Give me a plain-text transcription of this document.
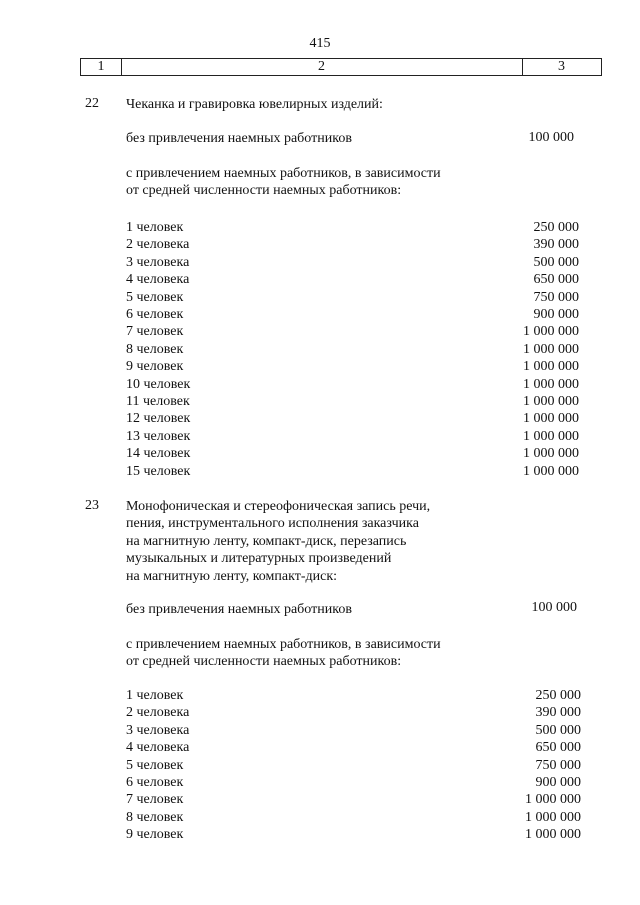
415
1	2	3
22 Чеканка и гравировка ювелирных изделий:
без привлечения наемных работников	100 000
с привлечением наемных работников, в зависимости
от средней численности наемных работников:
1 человек	250 000
2 человека	390 000
3 человека	500 000
4 человека	650 000
5 человек	750 000
6 человек	900 000
7 человек	1 000 000
8 человек	1 000 000
9 человек	1 000 000
10 человек	1 000 000
11 человек	1 000 000
12 человек	1 000 000
13 человек	1 000 000
14 человек	1 000 000
15 человек	1 000 000
23 Монофоническая и стереофоническая запись речи,
пения, инструментального исполнения заказчика
на магнитную ленту, компакт-диск, перезапись
музыкальных и литературных произведений
на магнитную ленту, компакт-диск:
без привлечения наемных работников	100 000
с привлечением наемных работников, в зависимости
от средней численности наемных работников:
1 человек	250 000
2 человека	390 000
3 человека	500 000
4 человека	650 000
5 человек	750 000
6 человек	900 000
7 человек	1 000 000
8 человек	1 000 000
9 человек	1 000 000
